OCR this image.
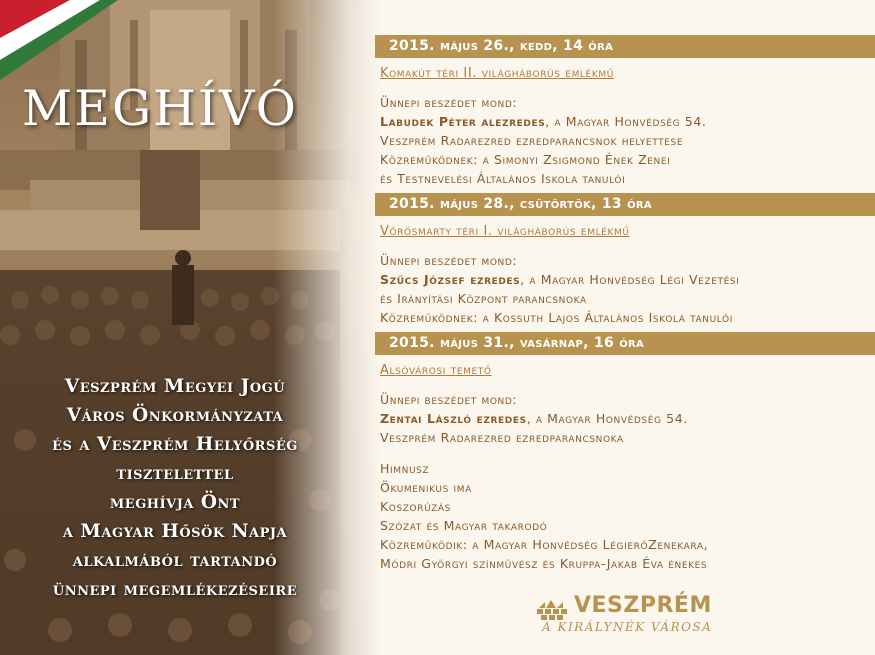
MEGHÍVÓ
Veszprém Megyei Jogú
Város Önkormányzata
és a Veszprém Helyőrség
tisztelettel
meghívja Önt
a Magyar Hősök Napja
alkalmából tartandó
ünnepi megemlékezéseire
2015. május 26., kedd, 14 óra
Komakút téri II. világháborús emlékmű
Ünnepi beszédet mond:
Labudek Péter alezredes, a Magyar Honvédség 54.
Veszprém Radarezred ezredparancsnok helyettese
Közreműködnek: a Simonyi Zsigmond Ének Zenei
és Testnevelési Általános Iskola tanulói
2015. május 28., csütörtök, 13 óra
Vörösmarty téri I. világháborús emlékmű
Ünnepi beszédet mond:
Szűcs József ezredes, a Magyar Honvédség Légi Vezetési
és Irányítási Központ parancsnoka
Közreműködnek: a Kossuth Lajos Általános Iskola tanulói
2015. május 31., vasárnap, 16 óra
Alsóvárosi temető
Ünnepi beszédet mond:
Zentai László ezredes, a Magyar Honvédség 54.
Veszprém Radarezred ezredparancsnoka
Himnusz
Ökumenikus ima
Koszorúzás
Szózat és Magyar takarodó
Közreműködik: a Magyar Honvédség LégierőZenekara,
Módri Györgyi színművész és Kruppa-Jakab Éva énekes
VESZPRÉM
A KIRÁLYNÉK VÁROSA
